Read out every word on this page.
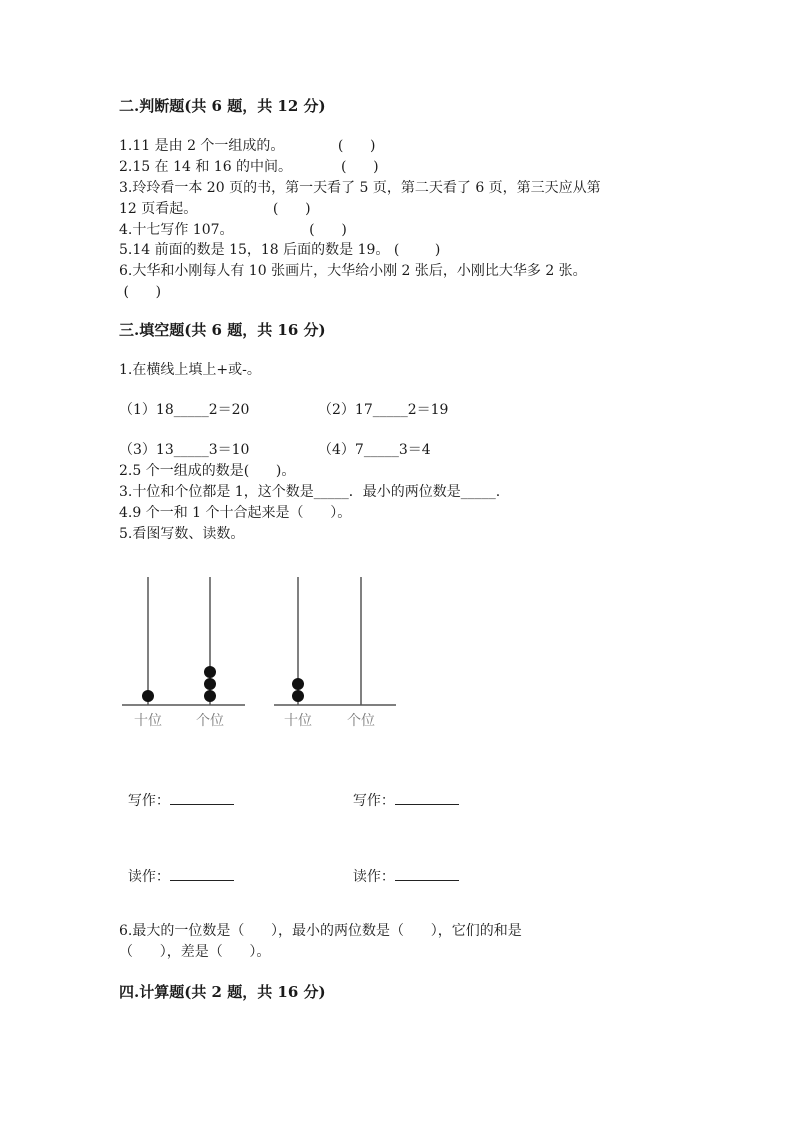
二.判断题(共 6 题，共 12 分)
1.11 是由 2 个一组成的。            (      )
2.15 在 14 和 16 的中间。           (      )
3.玲玲看一本 20 页的书，第一天看了 5 页，第二天看了 6 页，第三天应从第
12 页看起。                 (      )
4.十七写作 107。                 (      )
5.14 前面的数是 15，18 后面的数是 19。 (        )
6.大华和小刚每人有 10 张画片，大华给小刚 2 张后，小刚比大华多 2 张。
(      )
三.填空题(共 6 题，共 16 分)
1.在横线上填上+或-。
（1）18_____2＝20	（2）17_____2＝19
（3）13_____3＝10	（4）7_____3＝4
2.5 个一组成的数是(      )。
3.十位和个位都是 1，这个数是_____．最小的两位数是_____.
4.9 个一和 1 个十合起来是（      ）。
5.看图写数、读数。
十位 个位	十位	个位

写作：	写作：

读作：	读作：

6.最大的一位数是（      ），最小的两位数是（      ），它们的和是
（      ），差是（      ）。
四.计算题(共 2 题，共 16 分)
